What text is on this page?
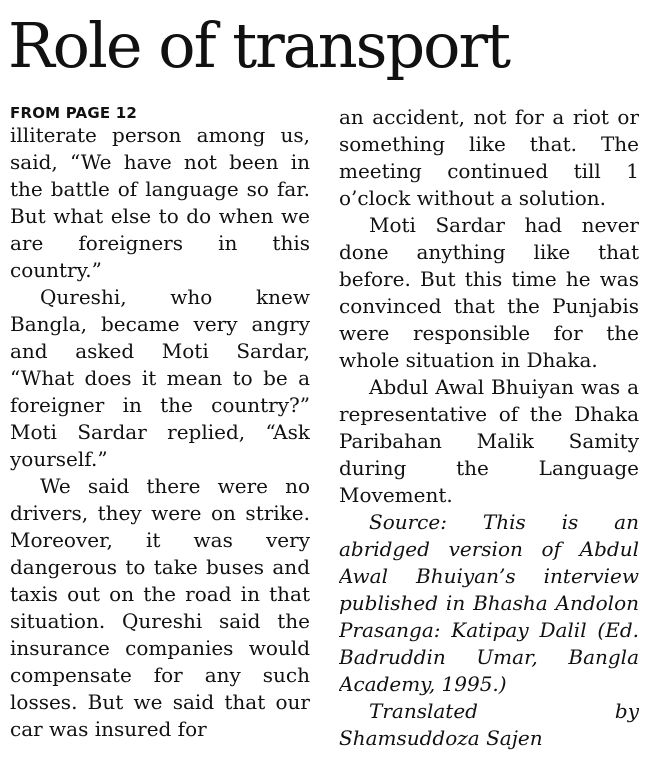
Role of transport
FROM PAGE 12

illiterate person among us, said, “We have not been in the battle of language so far. But what else to do when we are foreigners in this country.”

Qureshi, who knew Bangla, became very angry and asked Moti Sardar, “What does it mean to be a foreigner in the country?” Moti Sardar replied, “Ask yourself.”

We said there were no drivers, they were on strike. Moreover, it was very dangerous to take buses and taxis out on the road in that situation. Qureshi said the insurance companies would compensate for any such losses. But we said that our car was insured for

an accident, not for a riot or something like that. The meeting continued till 1 o’clock without a solution.

Moti Sardar had never done anything like that before. But this time he was convinced that the Punjabis were responsible for the whole situation in Dhaka.

Abdul Awal Bhuiyan was a representative of the Dhaka Paribahan Malik Samity during the Language Movement.

Source: This is an abridged version of Abdul Awal Bhuiyan’s interview published in Bhasha Andolon Prasanga: Katipay Dalil (Ed. Badruddin Umar, Bangla Academy, 1995.)

Translated by Shamsuddoza Sajen
